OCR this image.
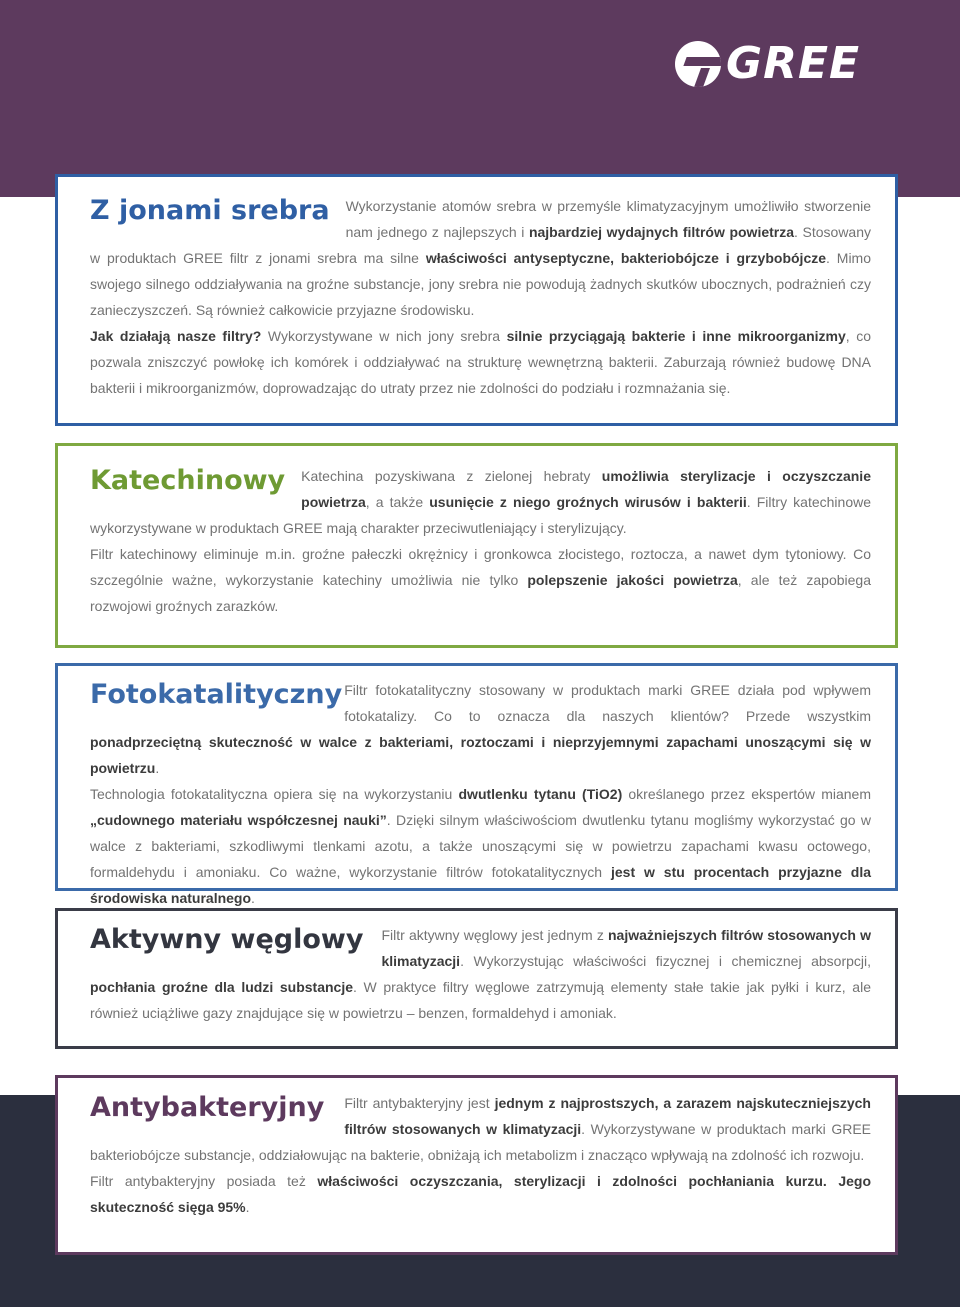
GREE

Z jonami srebra Wykorzystanie atomów srebra w przemyśle klimatyzacyjnym umożliwiło stworzenie nam jednego z najlepszych i najbardziej wydajnych filtrów powietrza. Stosowany w produktach GREE filtr z jonami srebra ma silne właściwości antyseptyczne, bakteriobójcze i grzybobójcze. Mimo swojego silnego oddziaływania na groźne substancje, jony srebra nie powodują żadnych skutków ubocznych, podrażnień czy zanieczyszczeń. Są również całkowicie przyjazne środowisku.

Jak działają nasze filtry? Wykorzystywane w nich jony srebra silnie przyciągają bakterie i inne mikroorganizmy, co pozwala zniszczyć powłokę ich komórek i oddziaływać na strukturę wewnętrzną bakterii. Zaburzają również budowę DNA bakterii i mikroorganizmów, doprowadzając do utraty przez nie zdolności do podziału i rozmnażania się.

Katechinowy Katechina pozyskiwana z zielonej hebraty umożliwia sterylizacje i oczyszczanie powietrza, a także usunięcie z niego groźnych wirusów i bakterii. Filtry katechinowe wykorzystywane w produktach GREE mają charakter przeciwutleniający i sterylizujący.

Filtr katechinowy eliminuje m.in. groźne pałeczki okrężnicy i gronkowca złocistego, roztocza, a nawet dym tytoniowy. Co szczególnie ważne, wykorzystanie katechiny umożliwia nie tylko polepszenie jakości powietrza, ale też zapobiega rozwojowi groźnych zarazków.

Fotokatalityczny Filtr fotokatalityczny stosowany w produktach marki GREE działa pod wpływem fotokatalizy. Co to oznacza dla naszych klientów? Przede wszystkim ponadprzeciętną skuteczność w walce z bakteriami, roztoczami i nieprzyjemnymi zapachami unoszącymi się w powietrzu.

Technologia fotokatalityczna opiera się na wykorzystaniu dwutlenku tytanu (TiO2) określanego przez ekspertów mianem „cudownego materiału współczesnej nauki”. Dzięki silnym właściwościom dwutlenku tytanu mogliśmy wykorzystać go w walce z bakteriami, szkodliwymi tlenkami azotu, a także unoszącymi się w powietrzu zapachami kwasu octowego, formaldehydu i amoniaku. Co ważne, wykorzystanie filtrów fotokatalitycznych jest w stu procentach przyjazne dla środowiska naturalnego.

Aktywny węglowy Filtr aktywny węglowy jest jednym z najważniejszych filtrów stosowanych w klimatyzacji. Wykorzystując właściwości fizycznej i chemicznej absorpcji, pochłania groźne dla ludzi substancje. W praktyce filtry węglowe zatrzymują elementy stałe takie jak pyłki i kurz, ale również uciążliwe gazy znajdujące się w powietrzu – benzen, formaldehyd i amoniak.

Antybakteryjny Filtr antybakteryjny jest jednym z najprostszych, a zarazem najskuteczniejszych filtrów stosowanych w klimatyzacji. Wykorzystywane w produktach marki GREE bakteriobójcze substancje, oddziałowując na bakterie, obniżają ich metabolizm i znacząco wpływają na zdolność ich rozwoju.

Filtr antybakteryjny posiada też właściwości oczyszczania, sterylizacji i zdolności pochłaniania kurzu. Jego skuteczność sięga 95%.
